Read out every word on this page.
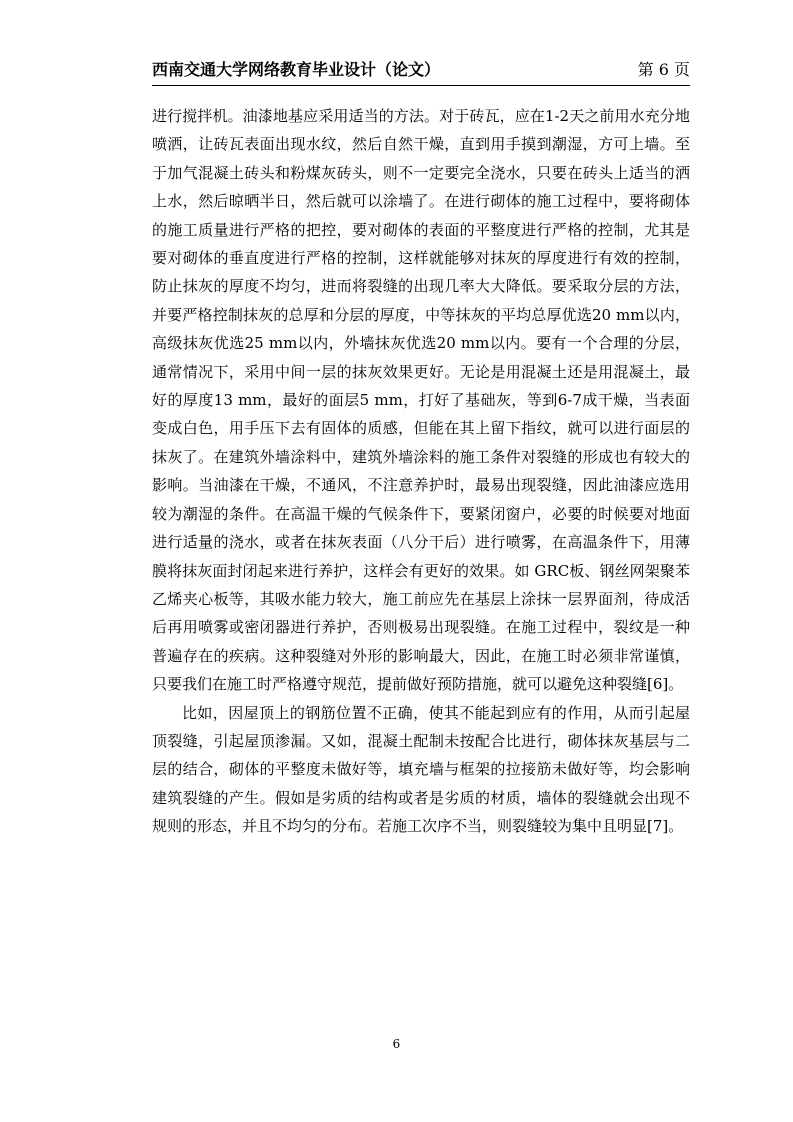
西南交通大学网络教育毕业设计（论文）	第 6 页

进行搅拌机。油漆地基应采用适当的方法。对于砖瓦，应在1-2天之前用水充分地喷洒，让砖瓦表面出现水纹，然后自然干燥，直到用手摸到潮湿，方可上墙。至于加气混凝土砖头和粉煤灰砖头，则不一定要完全浇水，只要在砖头上适当的洒上水，然后晾晒半日，然后就可以涂墙了。在进行砌体的施工过程中，要将砌体的施工质量进行严格的把控，要对砌体的表面的平整度进行严格的控制，尤其是要对砌体的垂直度进行严格的控制，这样就能够对抹灰的厚度进行有效的控制，防止抹灰的厚度不均匀，进而将裂缝的出现几率大大降低。要采取分层的方法，并要严格控制抹灰的总厚和分层的厚度，中等抹灰的平均总厚优选20 mm以内，高级抹灰优选25 mm以内，外墙抹灰优选20 mm以内。要有一个合理的分层，通常情况下，采用中间一层的抹灰效果更好。无论是用混凝土还是用混凝土，最好的厚度13 mm，最好的面层5 mm，打好了基础灰，等到6-7成干燥，当表面变成白色，用手压下去有固体的质感，但能在其上留下指纹，就可以进行面层的抹灰了。在建筑外墙涂料中，建筑外墙涂料的施工条件对裂缝的形成也有较大的影响。当油漆在干燥，不通风，不注意养护时，最易出现裂缝，因此油漆应选用较为潮湿的条件。在高温干燥的气候条件下，要紧闭窗户，必要的时候要对地面进行适量的浇水，或者在抹灰表面（八分干后）进行喷雾，在高温条件下，用薄膜将抹灰面封闭起来进行养护，这样会有更好的效果。如 GRC板、钢丝网架聚苯乙烯夹心板等，其吸水能力较大，施工前应先在基层上涂抹一层界面剂，待成活后再用喷雾或密闭器进行养护，否则极易出现裂缝。在施工过程中，裂纹是一种普遍存在的疾病。这种裂缝对外形的影响最大，因此，在施工时必须非常谨慎，只要我们在施工时严格遵守规范，提前做好预防措施，就可以避免这种裂缝[6]。

比如，因屋顶上的钢筋位置不正确，使其不能起到应有的作用，从而引起屋顶裂缝，引起屋顶渗漏。又如，混凝土配制未按配合比进行，砌体抹灰基层与二层的结合，砌体的平整度未做好等，填充墙与框架的拉接筋未做好等，均会影响建筑裂缝的产生。假如是劣质的结构或者是劣质的材质，墙体的裂缝就会出现不规则的形态，并且不均匀的分布。若施工次序不当，则裂缝较为集中且明显[7]。

6
